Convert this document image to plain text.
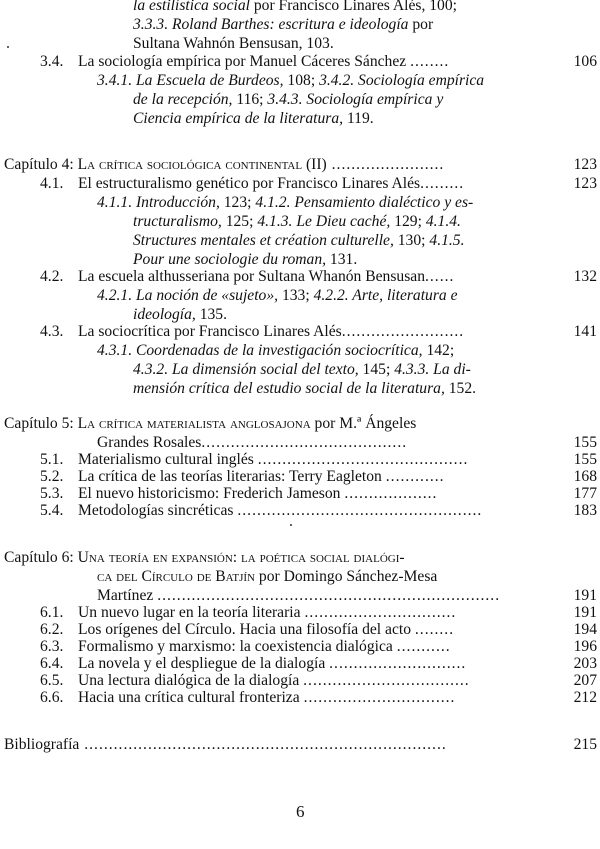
la estilística social por Francisco Linares Alés, 100;
3.3.3. Roland Barthes: escritura e ideología por
Sultana Wahnón Bensusan, 103.
3.4. La sociología empírica por Manuel Cáceres Sánchez ........	106
3.4.1. La Escuela de Burdeos, 108; 3.4.2. Sociología empírica
de la recepción, 116; 3.4.3. Sociología empírica y
Ciencia empírica de la literatura, 119.
Capítulo 4: La crítica sociológica continental (II) .......................	123
4.1. El estructuralismo genético por Francisco Linares Alés.........	123
4.1.1. Introducción, 123; 4.1.2. Pensamiento dialéctico y es-
tructuralismo, 125; 4.1.3. Le Dieu caché, 129; 4.1.4.
Structures mentales et création culturelle, 130; 4.1.5.
Pour une sociologie du roman, 131.
4.2. La escuela althusseriana por Sultana Whanón Bensusan......	132
4.2.1. La noción de «sujeto», 133; 4.2.2. Arte, literatura e
ideología, 135.
4.3. La sociocrítica por Francisco Linares Alés.........................	141
4.3.1. Coordenadas de la investigación sociocrítica, 142;
4.3.2. La dimensión social del texto, 145; 4.3.3. La di-
mensión crítica del estudio social de la literatura, 152.
Capítulo 5: La crítica materialista anglosajona por M.ª Ángeles
Grandes Rosales..........................................	155
5.1. Materialismo cultural inglés ...........................................	155
5.2. La crítica de las teorías literarias: Terry Eagleton ............	168
5.3. El nuevo historicismo: Frederich Jameson ...................	177
5.4. Metodologías sincréticas ..................................................	183
Capítulo 6: Una teoría en expansión: la poética social dialógi-
ca del Círculo de Batjín por Domingo Sánchez-Mesa
Martínez ......................................................................	191
6.1. Un nuevo lugar en la teoría literaria ...............................	191
6.2. Los orígenes del Círculo. Hacia una filosofía del acto ........	194
6.3. Formalismo y marxismo: la coexistencia dialógica ...........	196
6.4. La novela y el despliegue de la dialogía ............................	203
6.5. Una lectura dialógica de la dialogía ..................................	207
6.6. Hacia una crítica cultural fronteriza ...............................	212
Bibliografía ..........................................................................	215
6
